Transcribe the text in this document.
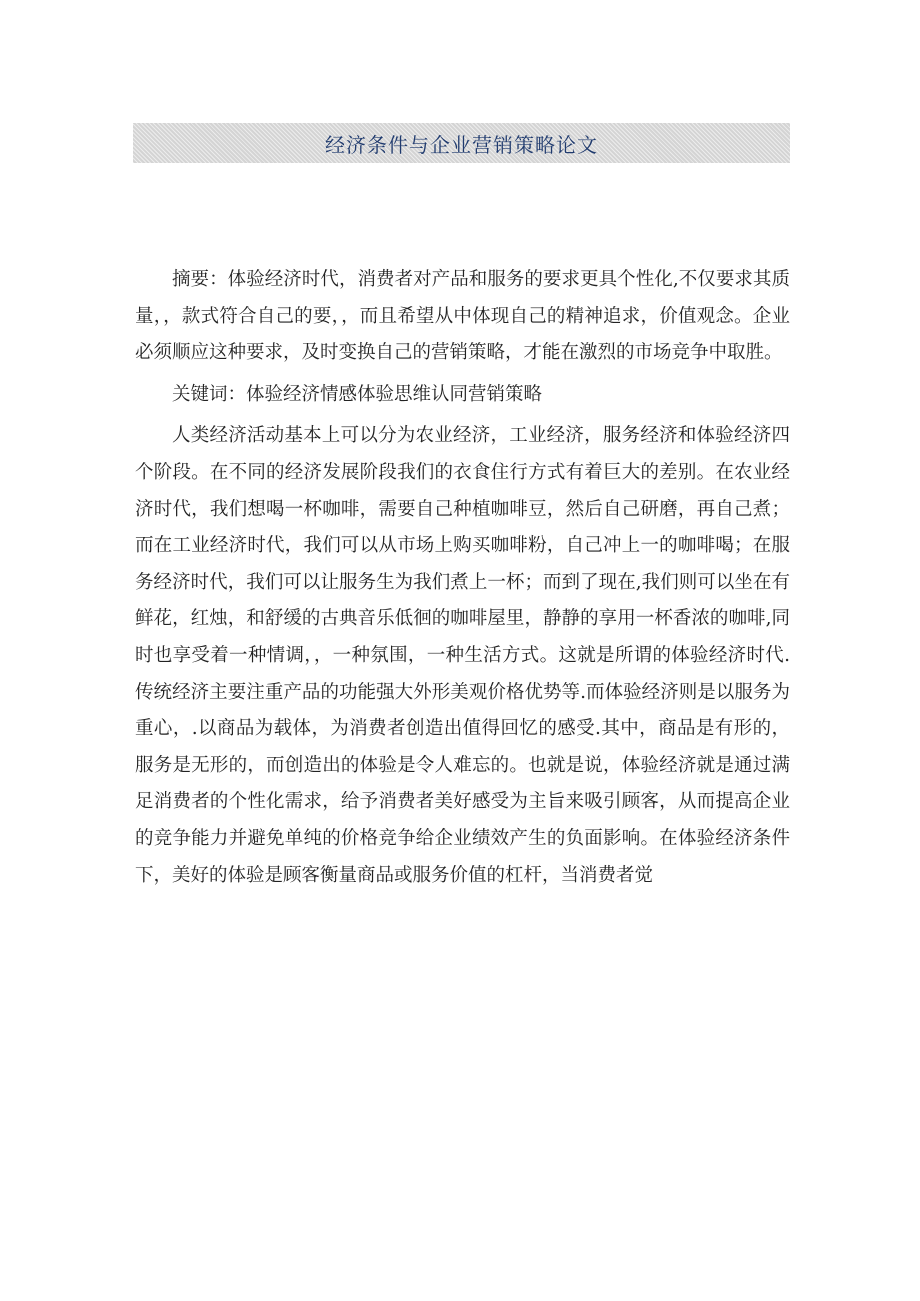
经济条件与企业营销策略论文

摘要：体验经济时代，消费者对产品和服务的要求更具个性化,不仅要求其质量，，款式符合自己的要，，而且希望从中体现自己的精神追求，价值观念。企业必须顺应这种要求，及时变换自己的营销策略，才能在激烈的市场竞争中取胜。

关键词：体验经济情感体验思维认同营销策略

人类经济活动基本上可以分为农业经济，工业经济，服务经济和体验经济四个阶段。在不同的经济发展阶段我们的衣食住行方式有着巨大的差别。在农业经济时代，我们想喝一杯咖啡，需要自己种植咖啡豆，然后自己研磨，再自己煮；而在工业经济时代，我们可以从市场上购买咖啡粉，自己冲上一的咖啡喝；在服务经济时代，我们可以让服务生为我们煮上一杯；而到了现在,我们则可以坐在有鲜花，红烛，和舒缓的古典音乐低徊的咖啡屋里，静静的享用一杯香浓的咖啡,同时也享受着一种情调，，一种氛围，一种生活方式。这就是所谓的体验经济时代.传统经济主要注重产品的功能强大外形美观价格优势等.而体验经济则是以服务为重心，.以商品为载体，为消费者创造出值得回忆的感受.其中，商品是有形的，服务是无形的，而创造出的体验是令人难忘的。也就是说，体验经济就是通过满足消费者的个性化需求，给予消费者美好感受为主旨来吸引顾客，从而提高企业的竞争能力并避免单纯的价格竞争给企业绩效产生的负面影响。在体验经济条件下，美好的体验是顾客衡量商品或服务价值的杠杆，当消费者觉
